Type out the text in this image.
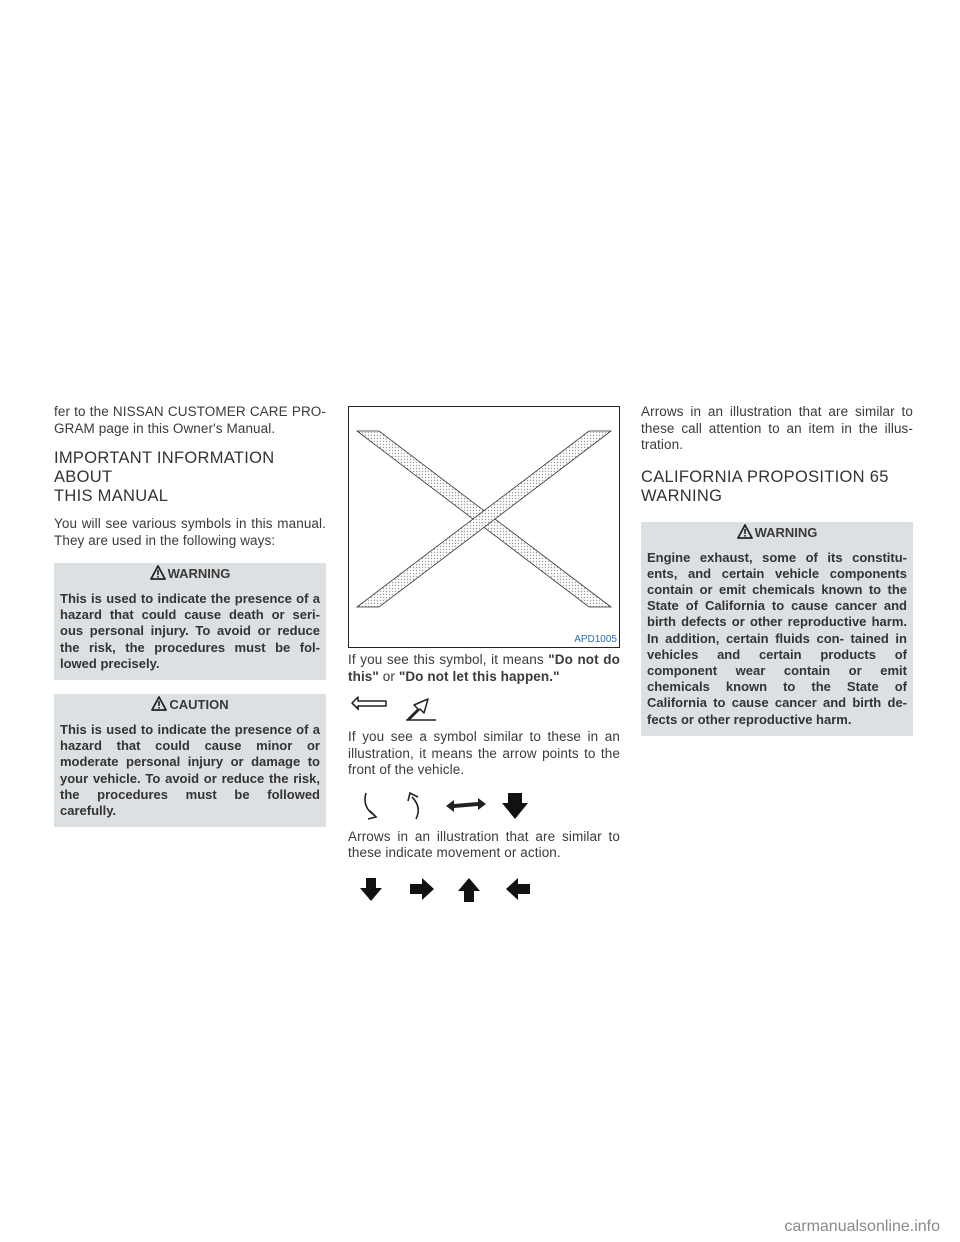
fer to the NISSAN CUSTOMER CARE PRO- GRAM page in this Owner's Manual.

IMPORTANT INFORMATION ABOUT
THIS MANUAL

You will see various symbols in this manual. They are used in the following ways:

WARNING

This is used to indicate the presence of a hazard that could cause death or seri- ous personal injury. To avoid or reduce the risk, the procedures must be fol- lowed precisely.

CAUTION

This is used to indicate the presence of a hazard that could cause minor or moderate personal injury or damage to your vehicle. To avoid or reduce the risk, the procedures must be followed carefully.

APD1005

If you see this symbol, it means "Do not do this" or "Do not let this happen."

If you see a symbol similar to these in an illustration, it means the arrow points to the front of the vehicle.

Arrows in an illustration that are similar to these indicate movement or action.

Arrows in an illustration that are similar to these call attention to an item in the illus- tration.

CALIFORNIA PROPOSITION 65
WARNING
WARNING

Engine exhaust, some of its constitu- ents, and certain vehicle components contain or emit chemicals known to the State of California to cause cancer and birth defects or other reproductive harm. In addition, certain fluids con- tained in vehicles and certain products of component wear contain or emit chemicals known to the State of California to cause cancer and birth de- fects or other reproductive harm.

carmanualsonline.info
